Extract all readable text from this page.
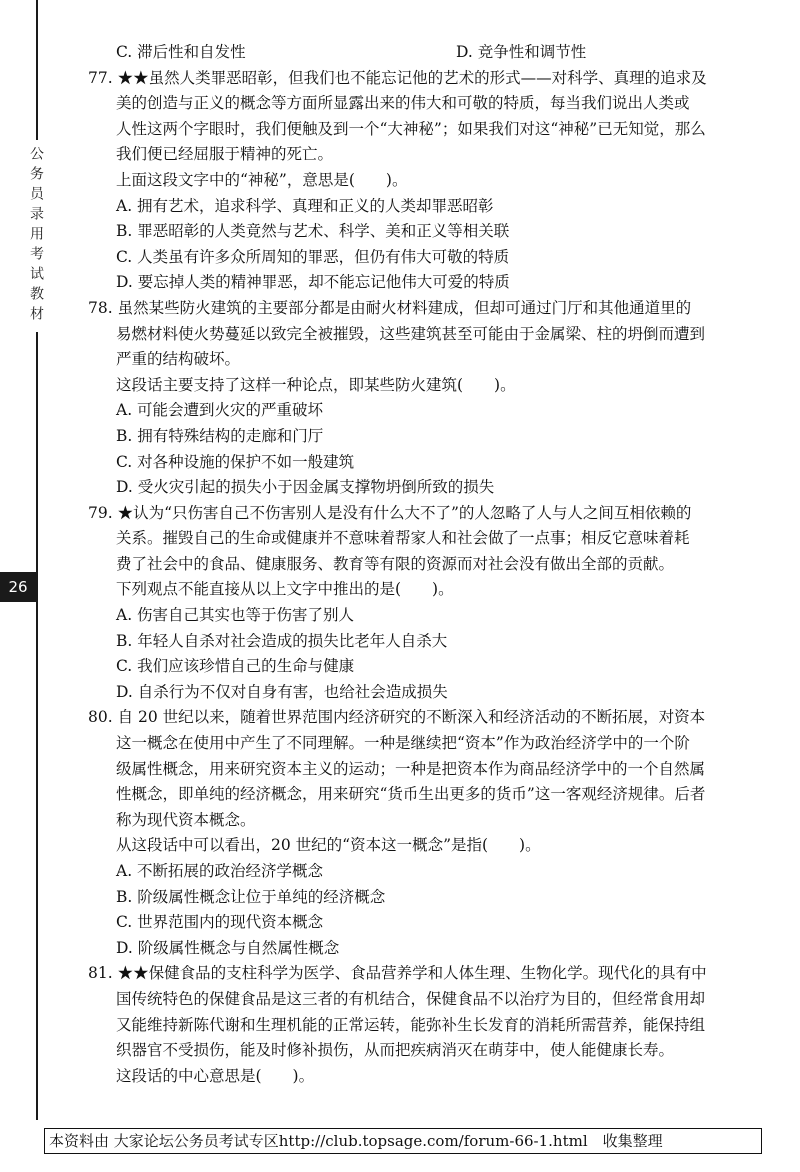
公务员录用考试教材
26
C. 滞后性和自发性	D. 竞争性和调节性
77. ★★虽然人类罪恶昭彰，但我们也不能忘记他的艺术的形式——对科学、真理的追求及
美的创造与正义的概念等方面所显露出来的伟大和可敬的特质，每当我们说出人类或
人性这两个字眼时，我们便触及到一个“大神秘”；如果我们对这“神秘”已无知觉，那么
我们便已经屈服于精神的死亡。
上面这段文字中的“神秘”，意思是(　　)。
A. 拥有艺术，追求科学、真理和正义的人类却罪恶昭彰
B. 罪恶昭彰的人类竟然与艺术、科学、美和正义等相关联
C. 人类虽有许多众所周知的罪恶，但仍有伟大可敬的特质
D. 要忘掉人类的精神罪恶，却不能忘记他伟大可爱的特质
78. 虽然某些防火建筑的主要部分都是由耐火材料建成，但却可通过门厅和其他通道里的
易燃材料使火势蔓延以致完全被摧毁，这些建筑甚至可能由于金属梁、柱的坍倒而遭到
严重的结构破坏。
这段话主要支持了这样一种论点，即某些防火建筑(　　)。
A. 可能会遭到火灾的严重破坏
B. 拥有特殊结构的走廊和门厅
C. 对各种设施的保护不如一般建筑
D. 受火灾引起的损失小于因金属支撑物坍倒所致的损失
79. ★认为“只伤害自己不伤害别人是没有什么大不了”的人忽略了人与人之间互相依赖的
关系。摧毁自己的生命或健康并不意味着帮家人和社会做了一点事；相反它意味着耗
费了社会中的食品、健康服务、教育等有限的资源而对社会没有做出全部的贡献。
下列观点不能直接从以上文字中推出的是(　　)。
A. 伤害自己其实也等于伤害了别人
B. 年轻人自杀对社会造成的损失比老年人自杀大
C. 我们应该珍惜自己的生命与健康
D. 自杀行为不仅对自身有害，也给社会造成损失
80. 自 20 世纪以来，随着世界范围内经济研究的不断深入和经济活动的不断拓展，对资本
这一概念在使用中产生了不同理解。一种是继续把“资本”作为政治经济学中的一个阶
级属性概念，用来研究资本主义的运动；一种是把资本作为商品经济学中的一个自然属
性概念，即单纯的经济概念，用来研究“货币生出更多的货币”这一客观经济规律。后者
称为现代资本概念。
从这段话中可以看出，20 世纪的“资本这一概念”是指(　　)。
A. 不断拓展的政治经济学概念
B. 阶级属性概念让位于单纯的经济概念
C. 世界范围内的现代资本概念
D. 阶级属性概念与自然属性概念
81. ★★保健食品的支柱科学为医学、食品营养学和人体生理、生物化学。现代化的具有中
国传统特色的保健食品是这三者的有机结合，保健食品不以治疗为目的，但经常食用却
又能维持新陈代谢和生理机能的正常运转，能弥补生长发育的消耗所需营养，能保持组
织器官不受损伤，能及时修补损伤，从而把疾病消灭在萌芽中，使人能健康长寿。
这段话的中心意思是(　　)。
本资料由 大家论坛公务员考试专区http://club.topsage.com/forum-66-1.html　收集整理
